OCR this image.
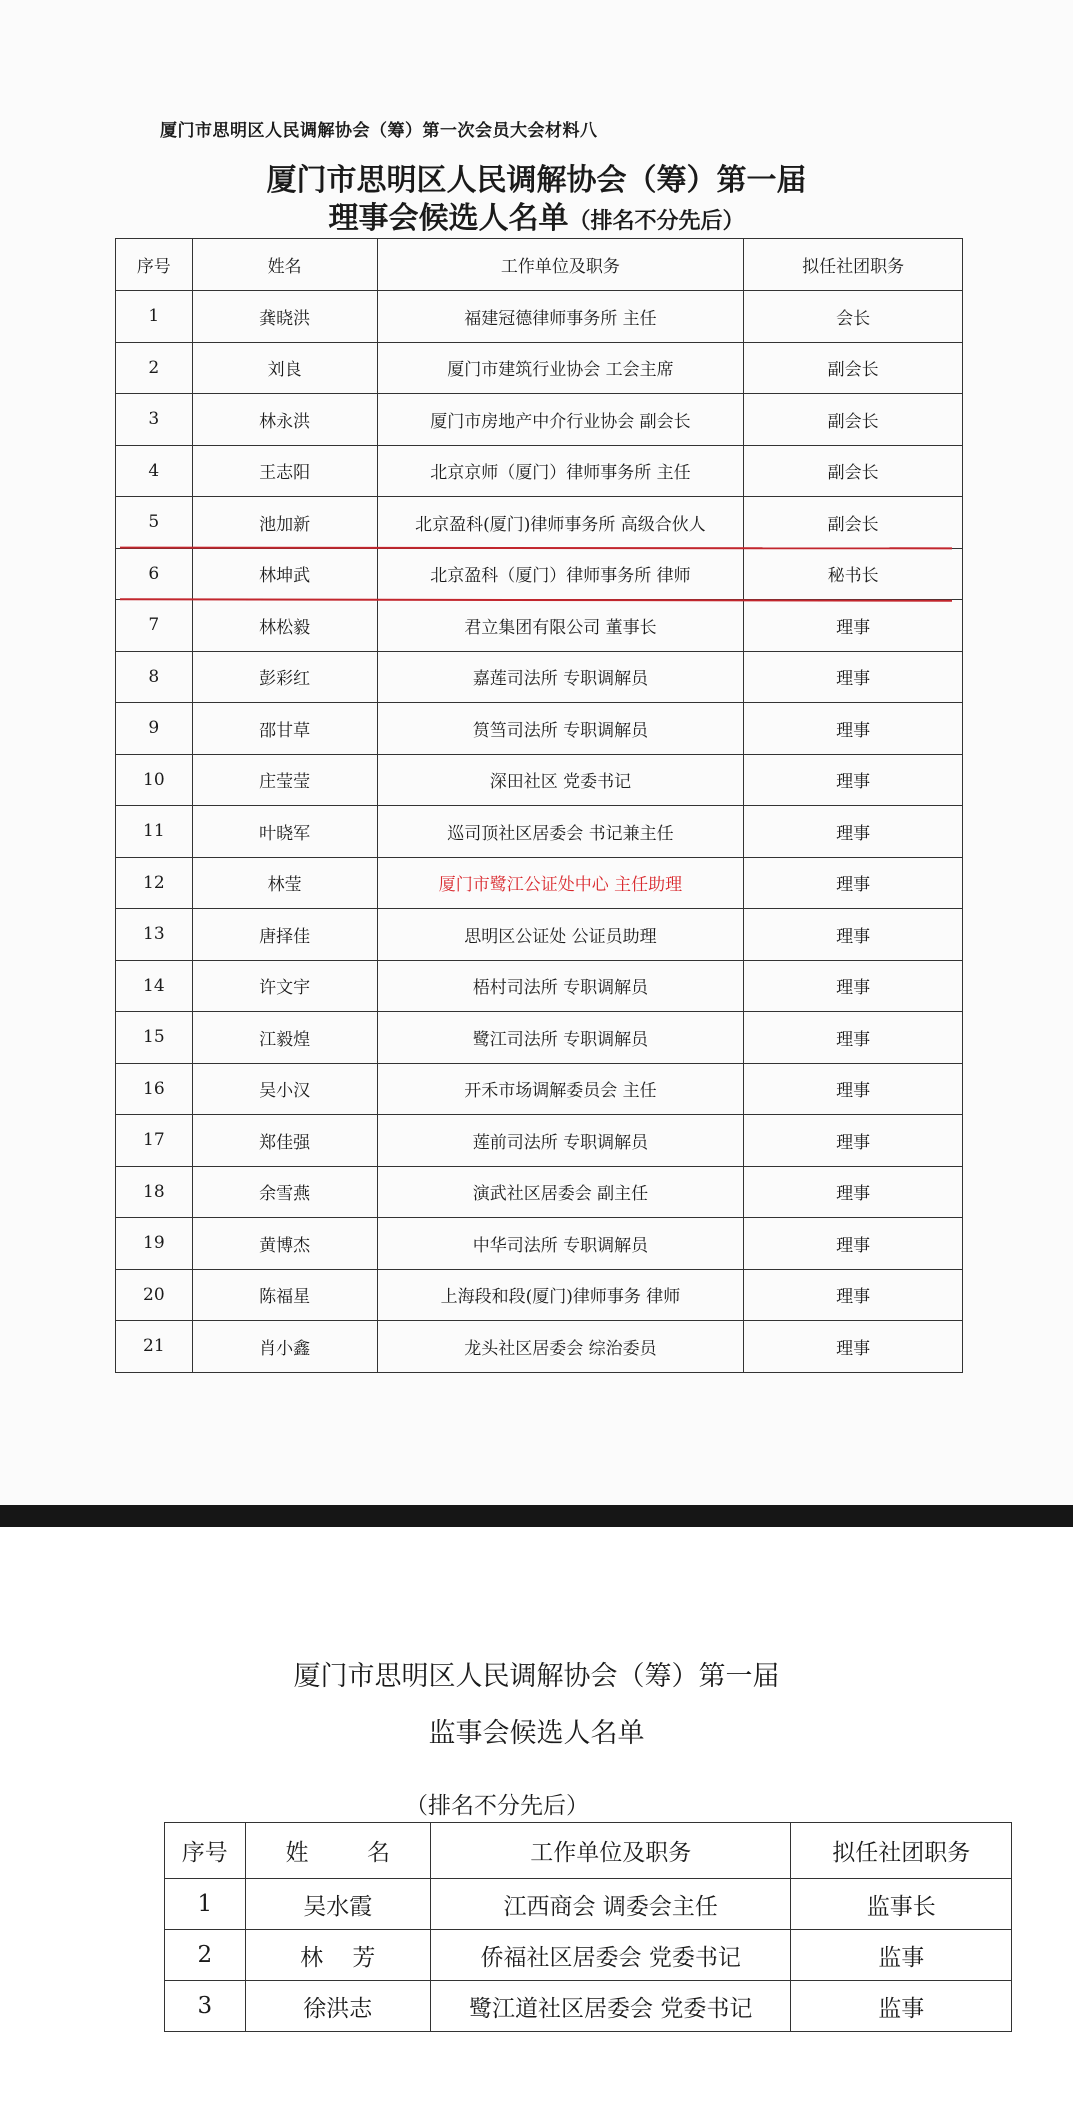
厦门市思明区人民调解协会（筹）第一次会员大会材料八
厦门市思明区人民调解协会（筹）第一届
理事会候选人名单（排名不分先后）
序号	姓名	工作单位及职务	拟任社团职务
1	龚晓洪	福建冠德律师事务所 主任	会长
2	刘良	厦门市建筑行业协会 工会主席	副会长
3	林永洪	厦门市房地产中介行业协会 副会长	副会长
4	王志阳	北京京师（厦门）律师事务所 主任	副会长
5	池加新	北京盈科(厦门)律师事务所 高级合伙人	副会长
6	林坤武	北京盈科（厦门）律师事务所 律师	秘书长
7	林松毅	君立集团有限公司 董事长	理事
8	彭彩红	嘉莲司法所 专职调解员	理事
9	邵甘草	筼筜司法所 专职调解员	理事
10	庄莹莹	深田社区 党委书记	理事
11	叶晓军	巡司顶社区居委会 书记兼主任	理事
12	林莹	厦门市鹭江公证处中心 主任助理	理事
13	唐择佳	思明区公证处 公证员助理	理事
14	许文宇	梧村司法所 专职调解员	理事
15	江毅煌	鹭江司法所 专职调解员	理事
16	吴小汉	开禾市场调解委员会 主任	理事
17	郑佳强	莲前司法所 专职调解员	理事
18	余雪燕	演武社区居委会 副主任	理事
19	黄博杰	中华司法所 专职调解员	理事
20	陈福星	上海段和段(厦门)律师事务 律师	理事
21	肖小鑫	龙头社区居委会 综治委员	理事
厦门市思明区人民调解协会（筹）第一届
监事会候选人名单
（排名不分先后）
序号	姓        名	工作单位及职务	拟任社团职务
1	吴水霞	江西商会 调委会主任	监事长
2	林    芳	侨福社区居委会 党委书记	监事
3	徐洪志	鹭江道社区居委会 党委书记	监事
